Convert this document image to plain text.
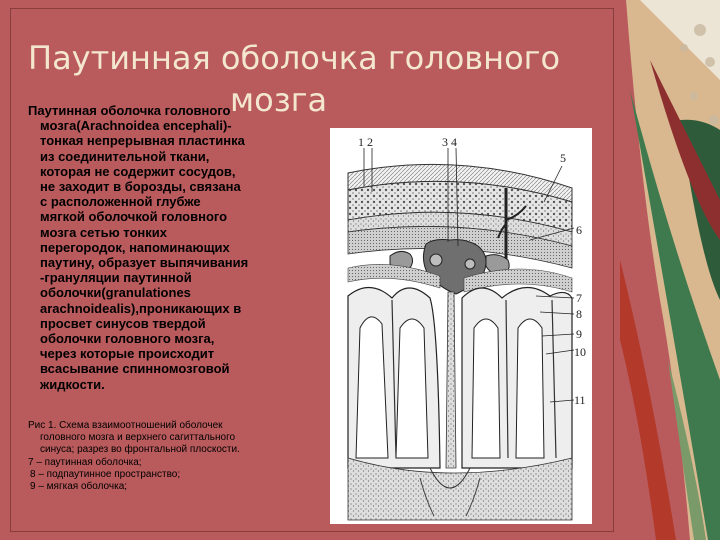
Паутинная оболочка головного
мозга

Паутинная оболочка головного
мозга(Arachnoidea encephali)-
тонкая непрерывная пластинка
из соединительной ткани,
которая не содержит сосудов,
не заходит в борозды, связана
с расположенной глубже
мягкой оболочкой головного
мозга сетью тонких
перегородок, напоминающих
паутину, образует выпячивания
-грануляции паутинной
оболочки(granulationes
arachnoidealis),проникающих в
просвет синусов твердой
оболочки головного мозга,
через которые происходит
всасывание спинномозговой
жидкости.

Рис 1. Схема взаимоотношений оболочек
головного мозга и верхнего сагиттального
синуса; разрез во фронтальной плоскости.
7 – паутинная оболочка;
8 – подпаутинное пространство;
9 – мягкая оболочка;

1 2	3 4
5
6
7
8
9
10
11
